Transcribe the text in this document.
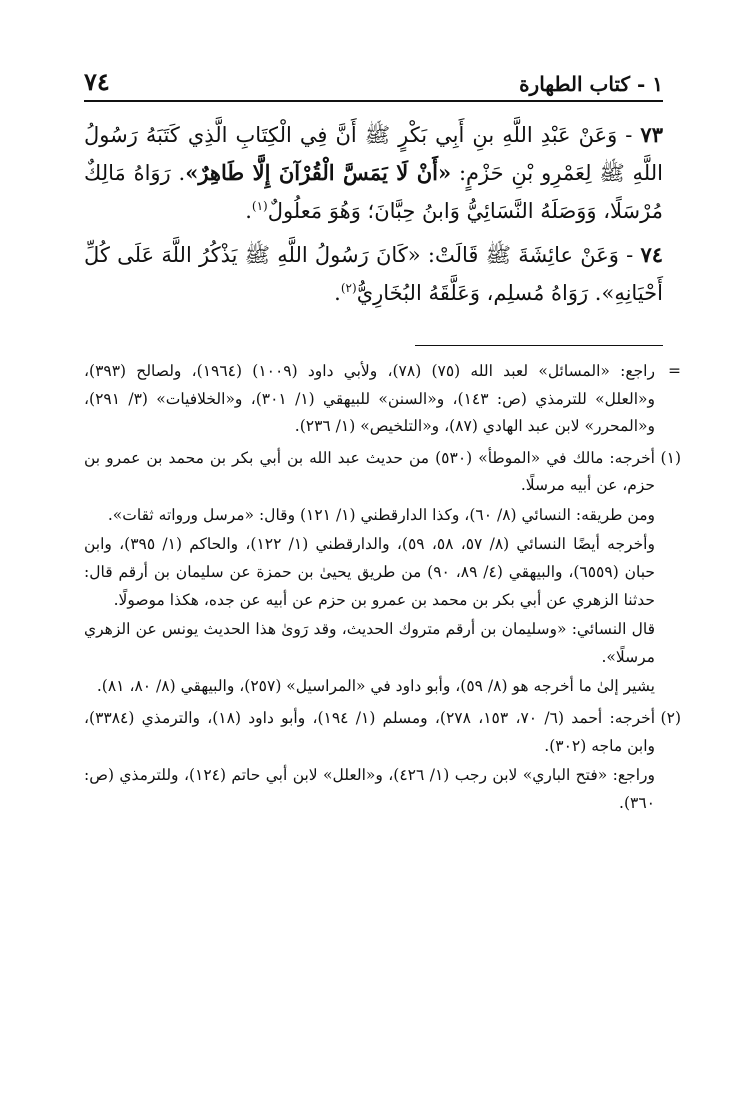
١ - كتاب الطهارة
٧٤

٧٣ - وَعَنْ عَبْدِ اللَّهِ بنِ أَبِي بَكْرٍ ﷺ أَنَّ فِي الْكِتَابِ الَّذِي كَتَبَهُ رَسُولُ اللَّهِ ﷺ لِعَمْرِو بْنِ حَزْمٍ: «أَنْ لَا يَمَسَّ الْقُرْآنَ إِلَّا طَاهِرٌ». رَوَاهُ مَالِكٌ مُرْسَلًا، وَوَصَلَهُ النَّسَائِيُّ وَابنُ حِبَّانَ؛ وَهُوَ مَعلُولٌ$^{(١)}$.

٧٤ - وَعَنْ عائِشَةَ ﷺ قَالَتْ: «كَانَ رَسُولُ اللَّهِ ﷺ يَذْكُرُ اللَّهَ عَلَى كُلِّ أَحْيَانِهِ». رَوَاهُ مُسلِم، وَعَلَّقَهُ البُخَارِيُّ$^{(٢)}$.

=
راجع: «المسائل» لعبد الله (٧٥) (٧٨)، ولأبي داود (١٠٠٩) (١٩٦٤)، ولصالح (٣٩٣)، و«العلل» للترمذي (ص: ١٤٣)، و«السنن» للبيهقي (١/ ٣٠١)، و«الخلافيات» (٣/ ٢٩١)، و«المحرر» لابن عبد الهادي (٨٧)، و«التلخيص» (١/ ٢٣٦).
(١)
أخرجه: مالك في «الموطأ» (٥٣٠) من حديث عبد الله بن أبي بكر بن محمد بن عمرو بن حزم، عن أبيه مرسلًا.
ومن طريقه: النسائي (٨/ ٦٠)، وكذا الدارقطني (١/ ١٢١) وقال: «مرسل ورواته ثقات».
وأخرجه أيضًا النسائي (٨/ ٥٧، ٥٨، ٥٩)، والدارقطني (١/ ١٢٢)، والحاكم (١/ ٣٩٥)، وابن حبان (٦٥٥٩)، والبيهقي (٤/ ٨٩، ٩٠) من طريق يحيىٰ بن حمزة عن سليمان بن أرقم قال: حدثنا الزهري عن أبي بكر بن محمد بن عمرو بن حزم عن أبيه عن جده، هكذا موصولًا.
قال النسائي: «وسليمان بن أرقم متروك الحديث، وقد رَوىٰ هذا الحديث يونس عن الزهري مرسلًا».
يشير إلىٰ ما أخرجه هو (٨/ ٥٩)، وأبو داود في «المراسيل» (٢٥٧)، والبيهقي (٨/ ٨٠، ٨١).
(٢)
أخرجه: أحمد (٦/ ٧٠، ١٥٣، ٢٧٨)، ومسلم (١/ ١٩٤)، وأبو داود (١٨)، والترمذي (٣٣٨٤)، وابن ماجه (٣٠٢).
وراجع: «فتح الباري» لابن رجب (١/ ٤٢٦)، و«العلل» لابن أبي حاتم (١٢٤)، وللترمذي (ص: ٣٦٠).
